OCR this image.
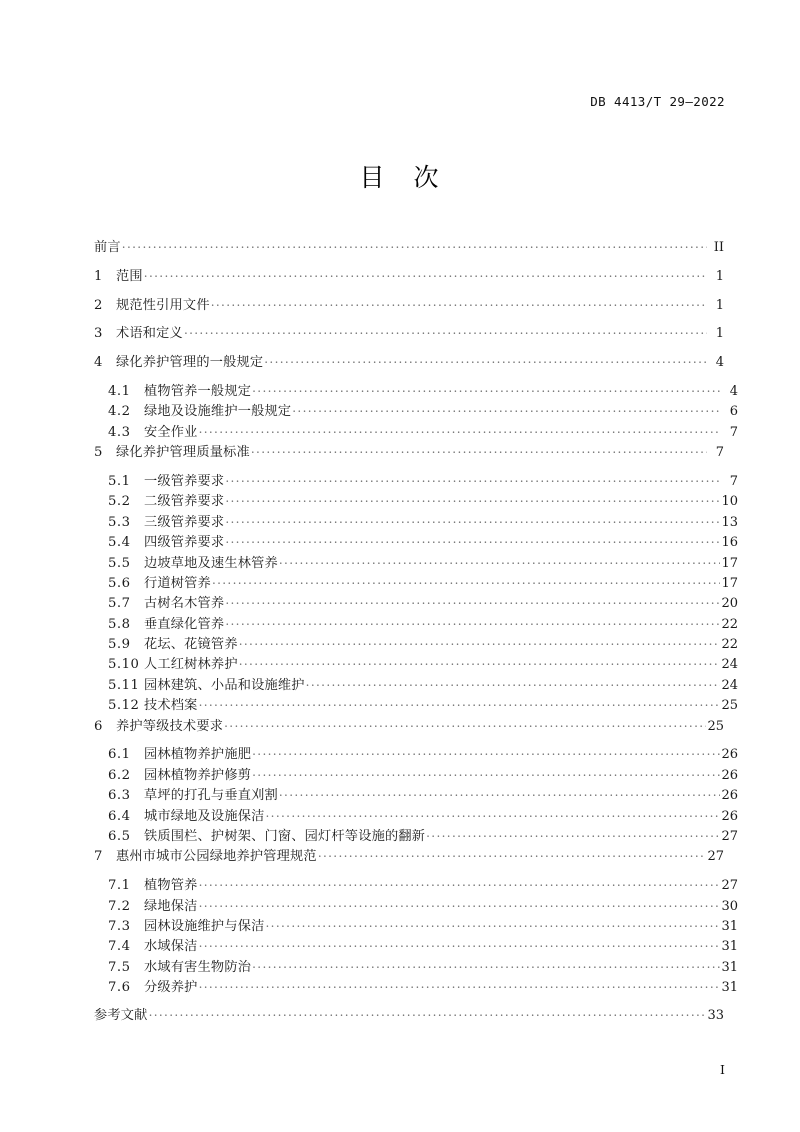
DB 4413/T 29—2022
目　次
前言 .....	II
1	范围 .....	1
2	规范性引用文件 .....	1
3	术语和定义 .....	1
4	绿化养护管理的一般规定 .....	4
4.1	植物管养一般规定 .....	4
4.2	绿地及设施维护一般规定 .....	6
4.3	安全作业 .....	7
5	绿化养护管理质量标准 .....	7
5.1	一级管养要求 .....	7
5.2	二级管养要求 .....	10
5.3	三级管养要求 .....	13
5.4	四级管养要求 .....	16
5.5	边坡草地及速生林管养 .....	17
5.6	行道树管养 .....	17
5.7	古树名木管养 .....	20
5.8	垂直绿化管养 .....	22
5.9	花坛、花镜管养 .....	22
5.10 人工红树林养护 .....	24
5.11 园林建筑、小品和设施维护 .....	24
5.12 技术档案 .....	25
6	养护等级技术要求 .....	25
6.1	园林植物养护施肥 .....	26
6.2	园林植物养护修剪 .....	26
6.3	草坪的打孔与垂直刈割 .....	26
6.4	城市绿地及设施保洁 .....	26
6.5	铁质围栏、护树架、门窗、园灯杆等设施的翻新 .....	27
7	惠州市城市公园绿地养护管理规范 .....	27
7.1	植物管养 .....	27
7.2	绿地保洁 .....	30
7.3	园林设施维护与保洁 .....	31
7.4	水域保洁 .....	31
7.5	水域有害生物防治 .....	31
7.6	分级养护 .....	31
参考文献 .....	33
I
